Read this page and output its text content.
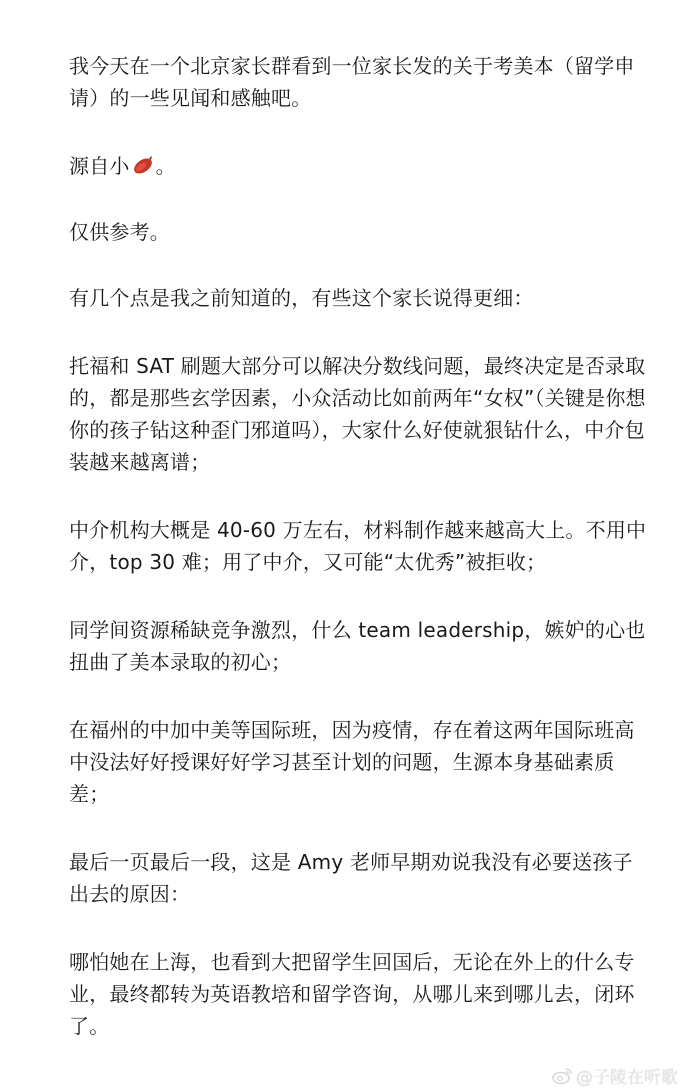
我今天在一个北京家长群看到一位家长发的关于考美本（留学申请）的一些见闻和感触吧。

源自小 。

仅供参考。

有几个点是我之前知道的，有些这个家长说得更细：

托福和 SAT 刷题大部分可以解决分数线问题，最终决定是否录取的，都是那些玄学因素，小众活动比如前两年“女权”（关键是你想你的孩子钻这种歪门邪道吗），大家什么好使就狠钻什么，中介包装越来越离谱；

中介机构大概是 40-60 万左右，材料制作越来越高大上。不用中介，top 30 难；用了中介，又可能“太优秀”被拒收；

同学间资源稀缺竞争激烈，什么 team leadership，嫉妒的心也扭曲了美本录取的初心；

在福州的中加中美等国际班，因为疫情，存在着这两年国际班高中没法好好授课好好学习甚至计划的问题，生源本身基础素质差；

最后一页最后一段，这是 Amy 老师早期劝说我没有必要送孩子出去的原因：

哪怕她在上海，也看到大把留学生回国后，无论在外上的什么专业，最终都转为英语教培和留学咨询，从哪儿来到哪儿去，闭环了。

@子陵在听歌
